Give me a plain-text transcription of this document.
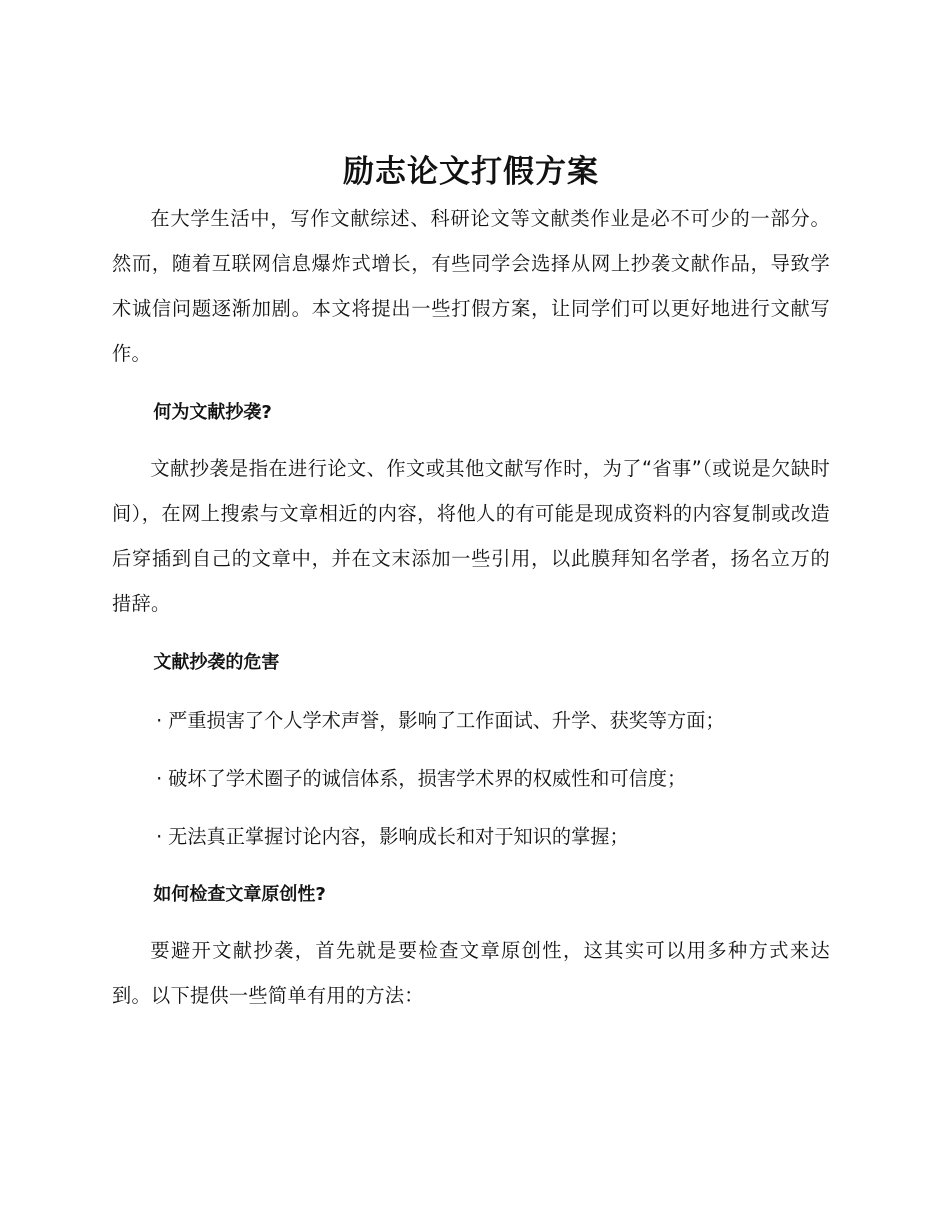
励志论文打假方案

在大学生活中，写作文献综述、科研论文等文献类作业是必不可少的一部分。然而，随着互联网信息爆炸式增长，有些同学会选择从网上抄袭文献作品，导致学术诚信问题逐渐加剧。本文将提出一些打假方案，让同学们可以更好地进行文献写作。

何为文献抄袭?

文献抄袭是指在进行论文、作文或其他文献写作时，为了“省事”（或说是欠缺时间），在网上搜索与文章相近的内容，将他人的有可能是现成资料的内容复制或改造后穿插到自己的文章中，并在文末添加一些引用，以此膜拜知名学者，扬名立万的措辞。

文献抄袭的危害

· 严重损害了个人学术声誉，影响了工作面试、升学、获奖等方面；

· 破坏了学术圈子的诚信体系，损害学术界的权威性和可信度；

· 无法真正掌握讨论内容，影响成长和对于知识的掌握；

如何检查文章原创性?

要避开文献抄袭，首先就是要检查文章原创性，这其实可以用多种方式来达到。以下提供一些简单有用的方法：
